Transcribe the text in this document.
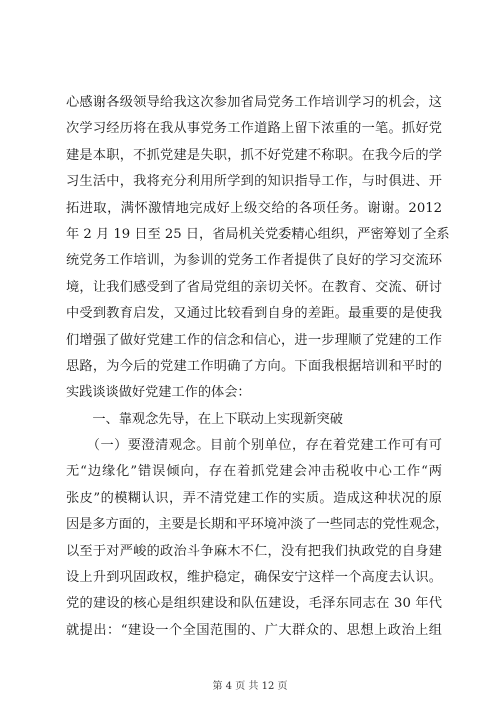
心感谢各级领导给我这次参加省局党务工作培训学习的机会，这
次学习经历将在我从事党务工作道路上留下浓重的一笔。抓好党
建是本职，不抓党建是失职，抓不好党建不称职。在我今后的学
习生活中，我将充分利用所学到的知识指导工作，与时俱进、开
拓进取，满怀激情地完成好上级交给的各项任务。谢谢。2012
年 2 月 19 日至 25 日，省局机关党委精心组织，严密筹划了全系
统党务工作培训，为参训的党务工作者提供了良好的学习交流环
境，让我们感受到了省局党组的亲切关怀。在教育、交流、研讨
中受到教育启发，又通过比较看到自身的差距。最重要的是使我
们增强了做好党建工作的信念和信心，进一步理顺了党建的工作
思路，为今后的党建工作明确了方向。下面我根据培训和平时的
实践谈谈做好党建工作的体会：
　　一、靠观念先导，在上下联动上实现新突破
　　（一）要澄清观念。目前个别单位，存在着党建工作可有可
无“边缘化”错误倾向，存在着抓党建会冲击税收中心工作“两
张皮”的模糊认识，弄不清党建工作的实质。造成这种状况的原
因是多方面的，主要是长期和平环境冲淡了一些同志的党性观念，
以至于对严峻的政治斗争麻木不仁，没有把我们执政党的自身建
设上升到巩固政权，维护稳定，确保安宁这样一个高度去认识。
党的建设的核心是组织建设和队伍建设，毛泽东同志在 30 年代
就提出：“建设一个全国范围的、广大群众的、思想上政治上组
第 4 页 共 12 页
